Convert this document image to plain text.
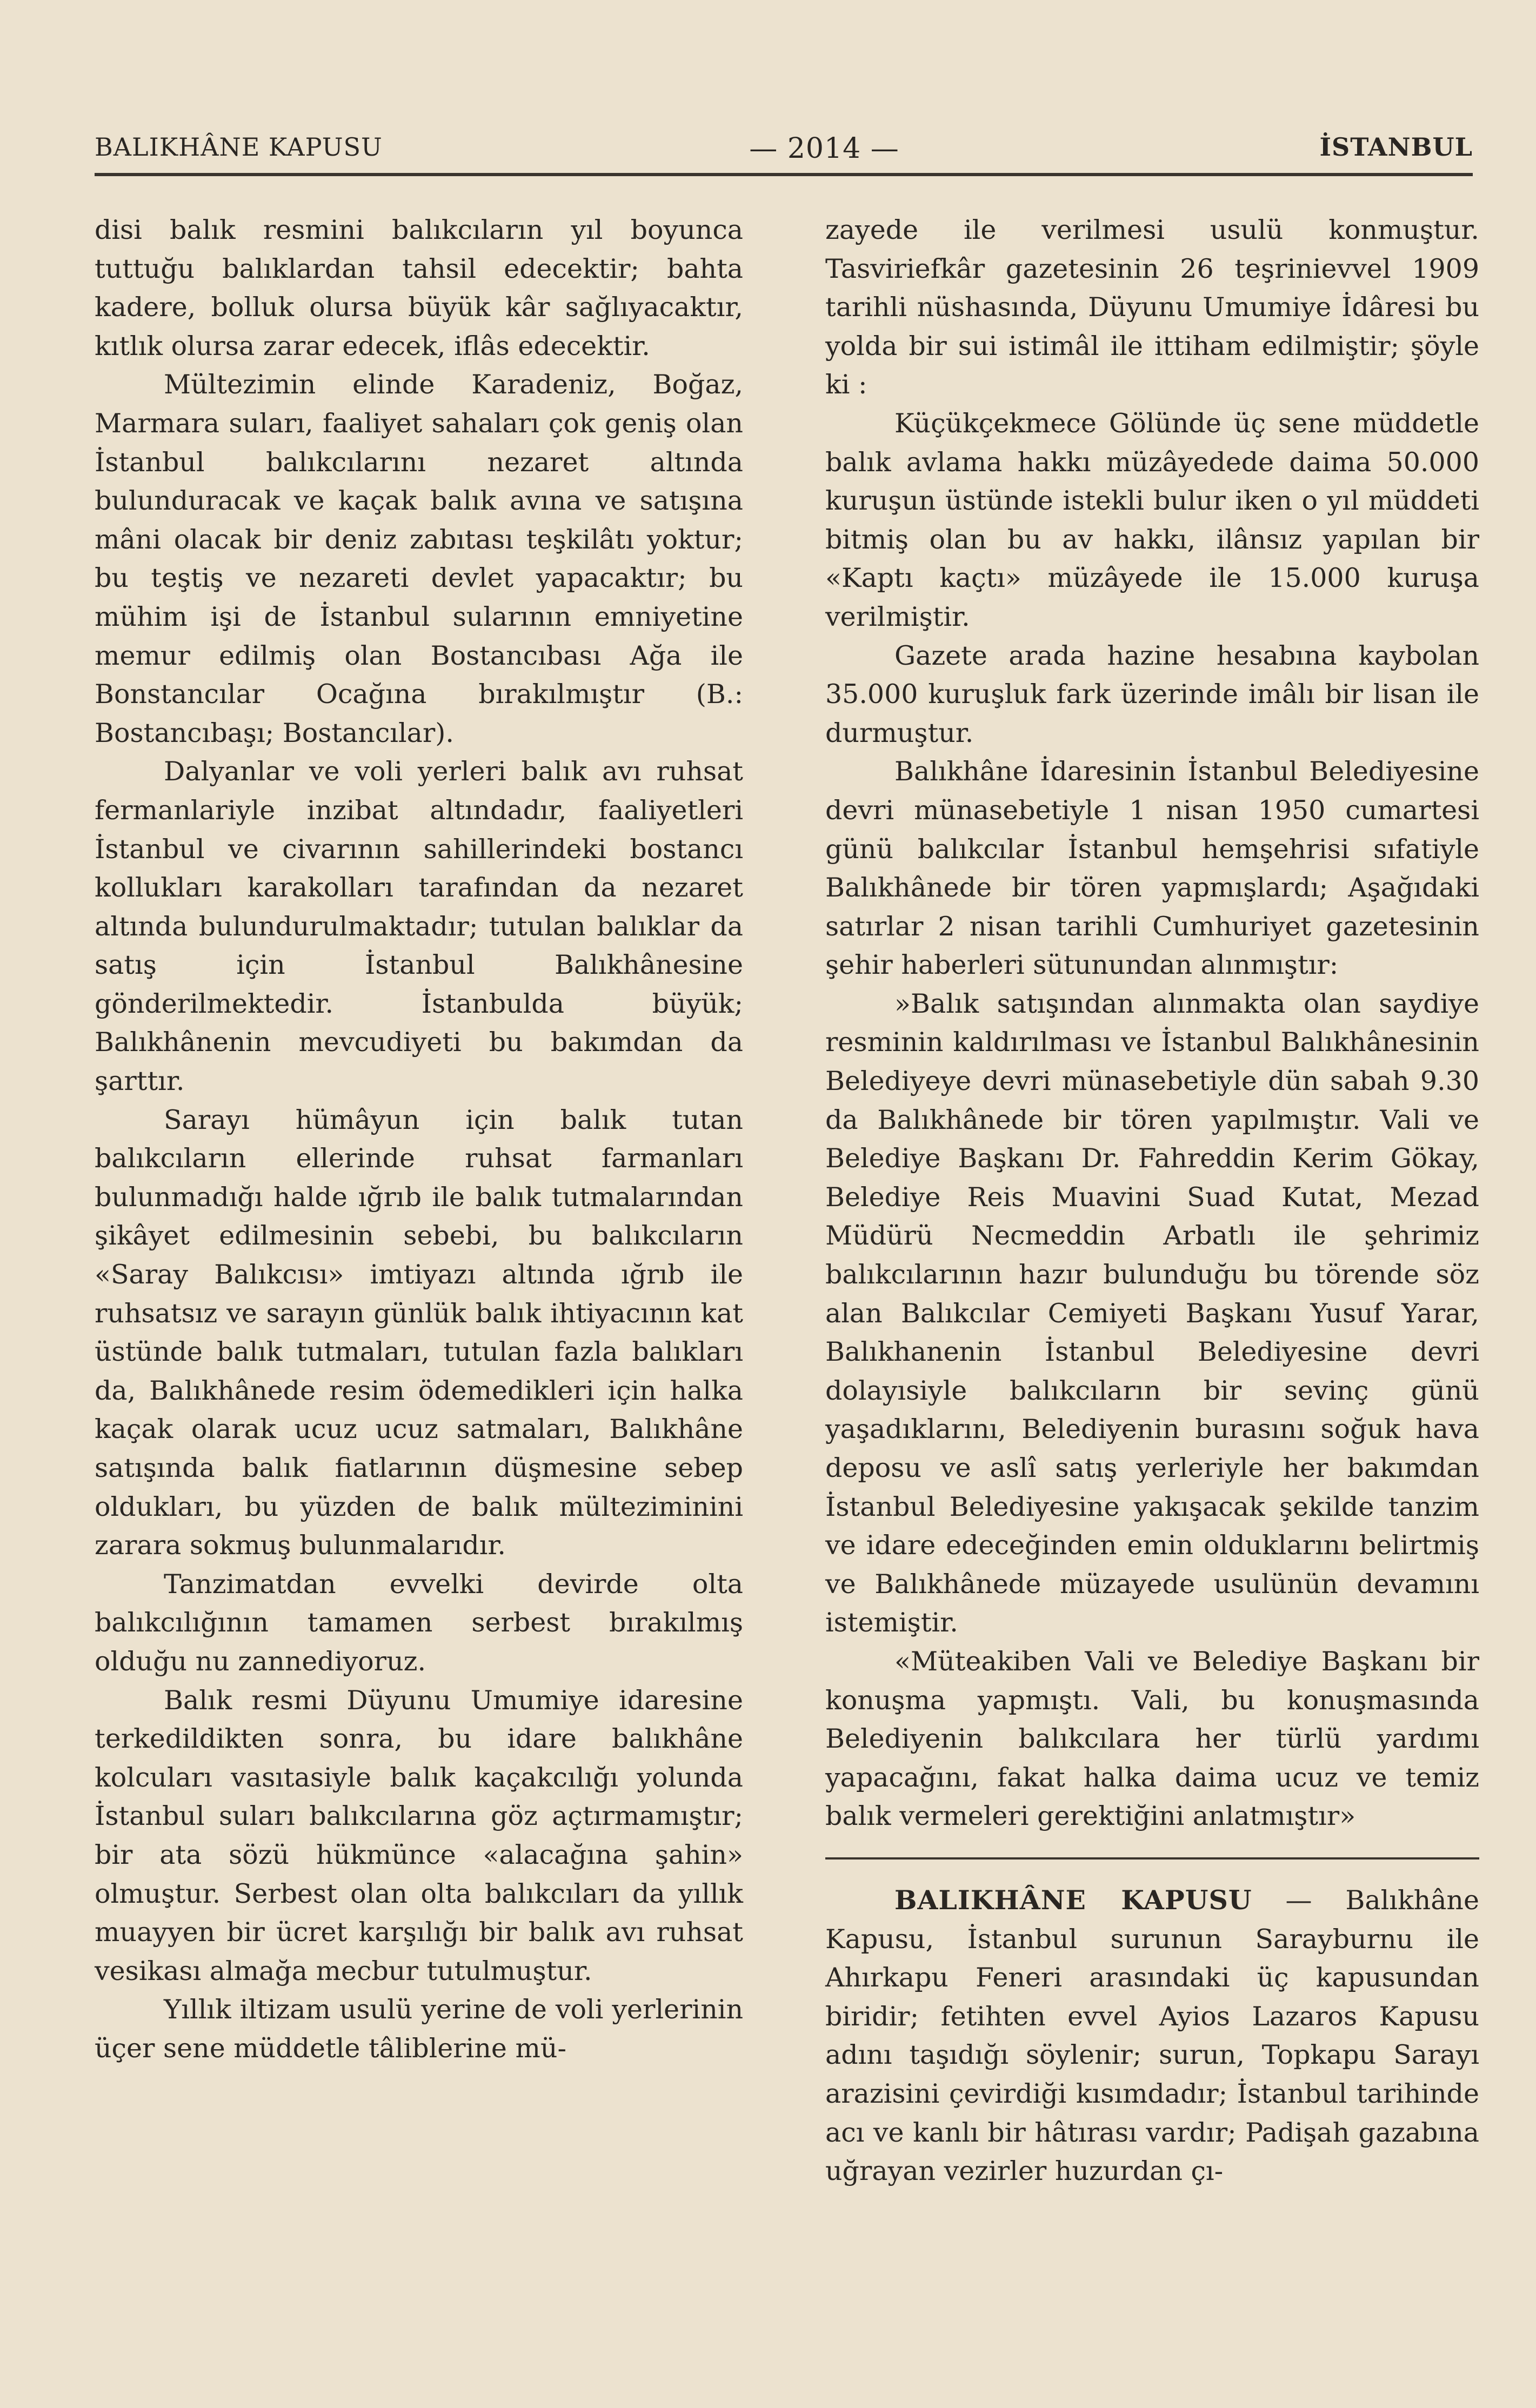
BALIKHÂNE KAPUSU	— 2014 —	İSTANBUL

disi balık resmini balıkcıların yıl boyunca tuttuğu balıklardan tahsil edecektir; bahta kadere, bolluk olursa büyük kâr sağlıyacaktır, kıtlık olursa zarar edecek, iflâs edecektir.

Mültezimin elinde Karadeniz, Boğaz, Marmara suları, faaliyet sahaları çok geniş olan İstanbul balıkcılarını nezaret altında bulunduracak ve kaçak balık avına ve satışına mâni olacak bir deniz zabıtası teşkilâtı yoktur; bu teştiş ve nezareti devlet yapacaktır; bu mühim işi de İstanbul sularının emniyetine memur edilmiş olan Bostancıbası Ağa ile Bonstancılar Ocağına bırakılmıştır (B.: Bostancıbaşı; Bostancılar).

Dalyanlar ve voli yerleri balık avı ruhsat fermanlariyle inzibat altındadır, faaliyetleri İstanbul ve civarının sahillerindeki bostancı kollukları karakolları tarafından da nezaret altında bulundurulmaktadır; tutulan balıklar da satış için İstanbul Balıkhânesine gönderilmektedir. İstanbulda büyük; Balıkhânenin mevcudiyeti bu bakımdan da şarttır.

Sarayı hümâyun için balık tutan balıkcıların ellerinde ruhsat farmanları bulunmadığı halde ığrıb ile balık tutmalarından şikâyet edilmesinin sebebi, bu balıkcıların «Saray Balıkcısı» imtiyazı altında ığrıb ile ruhsatsız ve sarayın günlük balık ihtiyacının kat üstünde balık tutmaları, tutulan fazla balıkları da, Balıkhânede resim ödemedikleri için halka kaçak olarak ucuz ucuz satmaları, Balıkhâne satışında balık fiatlarının düşmesine sebep oldukları, bu yüzden de balık mülteziminini zarara sokmuş bulunmalarıdır.

Tanzimatdan evvelki devirde olta balıkcılığının tamamen serbest bırakılmış olduğu nu zannediyoruz.

Balık resmi Düyunu Umumiye idaresine terkedildikten sonra, bu idare balıkhâne kolcuları vasıtasiyle balık kaçakcılığı yolunda İstanbul suları balıkcılarına göz açtırmamıştır; bir ata sözü hükmünce «alacağına şahin» olmuştur. Serbest olan olta balıkcıları da yıllık muayyen bir ücret karşılığı bir balık avı ruhsat vesikası almağa mecbur tutulmuştur.

Yıllık iltizam usulü yerine de voli yerlerinin üçer sene müddetle tâliblerine mü-

zayede ile verilmesi usulü konmuştur. Tasviriefkâr gazetesinin 26 teşrinievvel 1909 tarihli nüshasında, Düyunu Umumiye İdâresi bu yolda bir sui istimâl ile ittiham edilmiştir; şöyle ki :

Küçükçekmece Gölünde üç sene müddetle balık avlama hakkı müzâyedede daima 50.000 kuruşun üstünde istekli bulur iken o yıl müddeti bitmiş olan bu av hakkı, ilânsız yapılan bir «Kaptı kaçtı» müzâyede ile 15.000 kuruşa verilmiştir.

Gazete arada hazine hesabına kaybolan 35.000 kuruşluk fark üzerinde imâlı bir lisan ile durmuştur.

Balıkhâne İdaresinin İstanbul Belediyesine devri münasebetiyle 1 nisan 1950 cumartesi günü balıkcılar İstanbul hemşehrisi sıfatiyle Balıkhânede bir tören yapmışlardı; Aşağıdaki satırlar 2 nisan tarihli Cumhuriyet gazetesinin şehir haberleri sütunundan alınmıştır:

»Balık satışından alınmakta olan saydiye resminin kaldırılması ve İstanbul Balıkhânesinin Belediyeye devri münasebetiyle dün sabah 9.30 da Balıkhânede bir tören yapılmıştır. Vali ve Belediye Başkanı Dr. Fahreddin Kerim Gökay, Belediye Reis Muavini Suad Kutat, Mezad Müdürü Necmeddin Arbatlı ile şehrimiz balıkcılarının hazır bulunduğu bu törende söz alan Balıkcılar Cemiyeti Başkanı Yusuf Yarar, Balıkhanenin İstanbul Belediyesine devri dolayısiyle balıkcıların bir sevinç günü yaşadıklarını, Belediyenin burasını soğuk hava deposu ve aslî satış yerleriyle her bakımdan İstanbul Belediyesine yakışacak şekilde tanzim ve idare edeceğinden emin olduklarını belirtmiş ve Balıkhânede müzayede usulünün devamını istemiştir.

«Müteakiben Vali ve Belediye Başkanı bir konuşma yapmıştı. Vali, bu konuşmasında Belediyenin balıkcılara her türlü yardımı yapacağını, fakat halka daima ucuz ve temiz balık vermeleri gerektiğini anlatmıştır»

BALIKHÂNE KAPUSU — Balıkhâne Kapusu, İstanbul surunun Sarayburnu ile Ahırkapu Feneri arasındaki üç kapusundan biridir; fetihten evvel Ayios Lazaros Kapusu adını taşıdığı söylenir; surun, Topkapu Sarayı arazisini çevirdiği kısımdadır; İstanbul tarihinde acı ve kanlı bir hâtırası vardır; Padişah gazabına uğrayan vezirler huzurdan çı-
